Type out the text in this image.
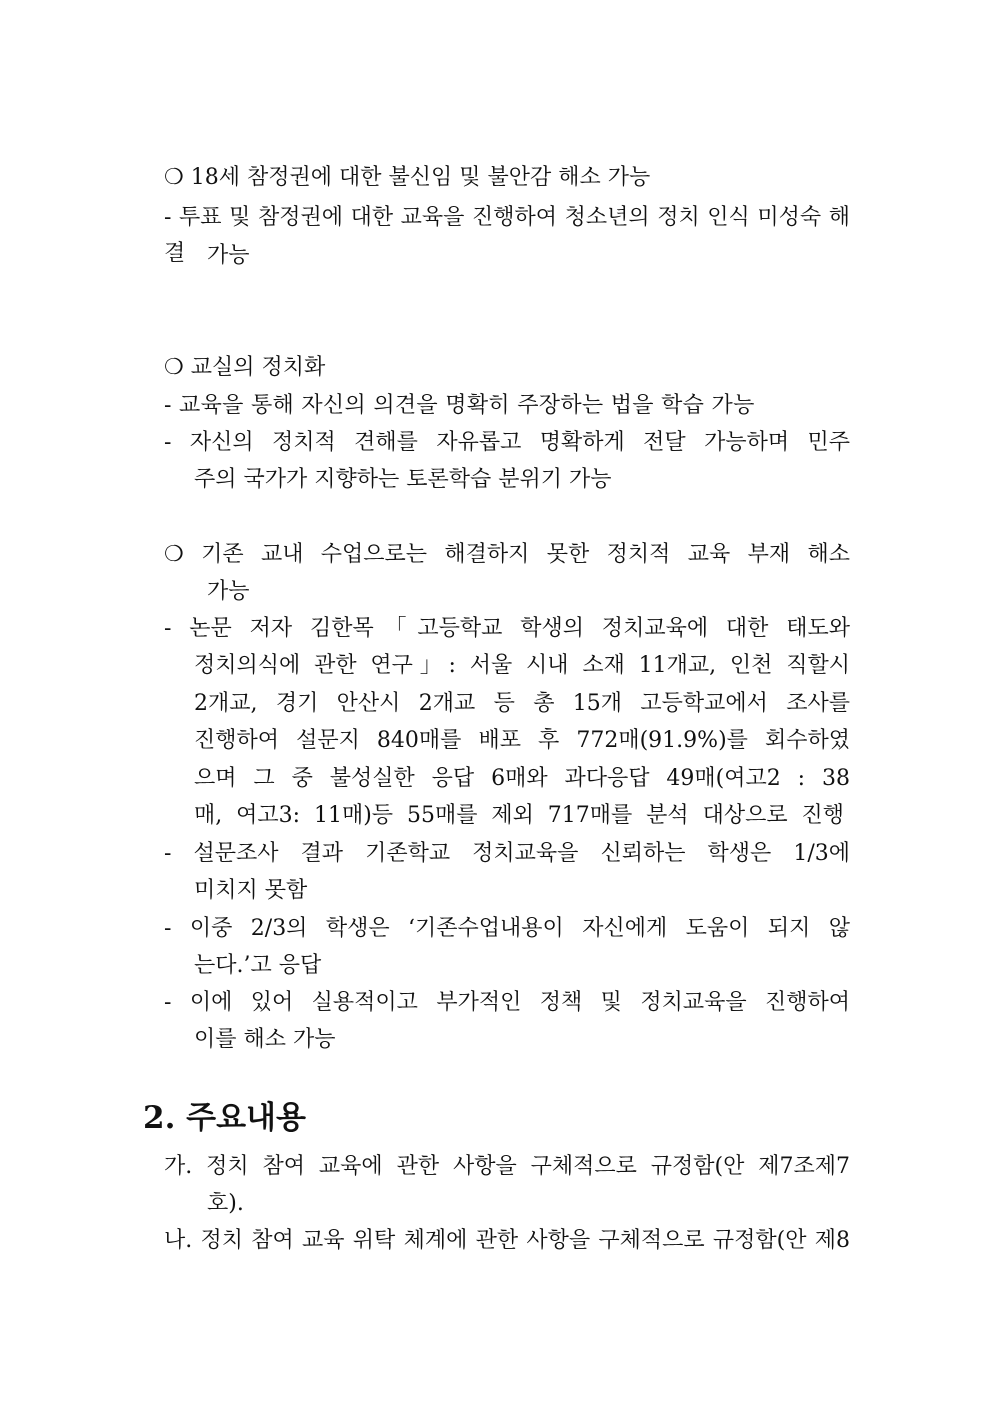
❍ 18세 참정권에 대한 불신임 및 불안감 해소 가능
- 투표 및 참정권에 대한 교육을 진행하여 청소년의 정치 인식 미성숙 해결 가능
❍ 교실의 정치화
- 교육을 통해 자신의 의견을 명확히 주장하는 법을 학습 가능
- 자신의 정치적 견해를 자유롭고 명확하게 전달 가능하며 민주
주의 국가가 지향하는 토론학습 분위기 가능
❍ 기존 교내 수업으로는 해결하지 못한 정치적 교육 부재 해소
가능
- 논문 저자 김한목「고등학교 학생의 정치교육에 대한 태도와
정치의식에 관한 연구」: 서울 시내 소재 11개교, 인천 직할시
2개교, 경기 안산시 2개교 등 총 15개 고등학교에서 조사를
진행하여 설문지 840매를 배포 후 772매(91.9%)를 회수하였
으며 그 중 불성실한 응답 6매와 과다응답 49매(여고2 : 38
매, 여고3: 11매)등 55매를 제외 717매를 분석 대상으로 진행
- 설문조사 결과 기존학교 정치교육을 신뢰하는 학생은 1/3에
미치지 못함
- 이중 2/3의 학생은 ‘기존수업내용이 자신에게 도움이 되지 않
는다.’고 응답
- 이에 있어 실용적이고 부가적인 정책 및 정치교육을 진행하여
이를 해소 가능
2. 주요내용
가. 정치 참여 교육에 관한 사항을 구체적으로 규정함(안 제7조제7
호).
나. 정치 참여 교육 위탁 체계에 관한 사항을 구체적으로 규정함(안 제8
